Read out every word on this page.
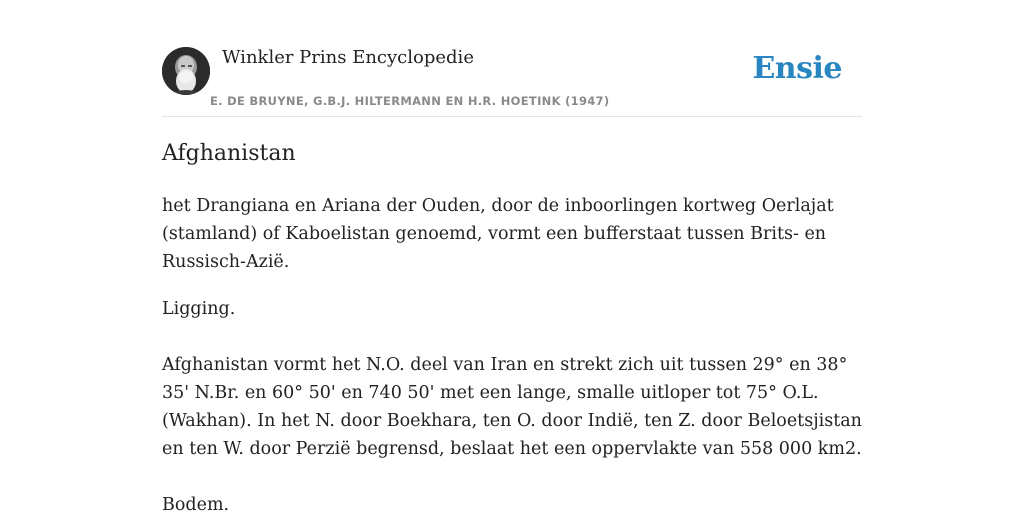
Winkler Prins Encyclopedie
E. DE BRUYNE, G.B.J. HILTERMANN EN H.R. HOETINK (1947)
Ensie
Afghanistan

het Drangiana en Ariana der Ouden, door de inboorlingen kortweg Oerlajat (stamland) of Kaboelistan genoemd, vormt een bufferstaat tussen Brits- en Russisch-Azië.

Ligging.

Afghanistan vormt het N.O. deel van Iran en strekt zich uit tussen 29° en 38° 35' N.Br. en 60° 50' en 740 50' met een lange, smalle uitloper tot 75° O.L. (Wakhan). In het N. door Boekhara, ten O. door Indië, ten Z. door Beloetsjistan en ten W. door Perzië begrensd, beslaat het een oppervlakte van 558 000 km2.

Bodem.
